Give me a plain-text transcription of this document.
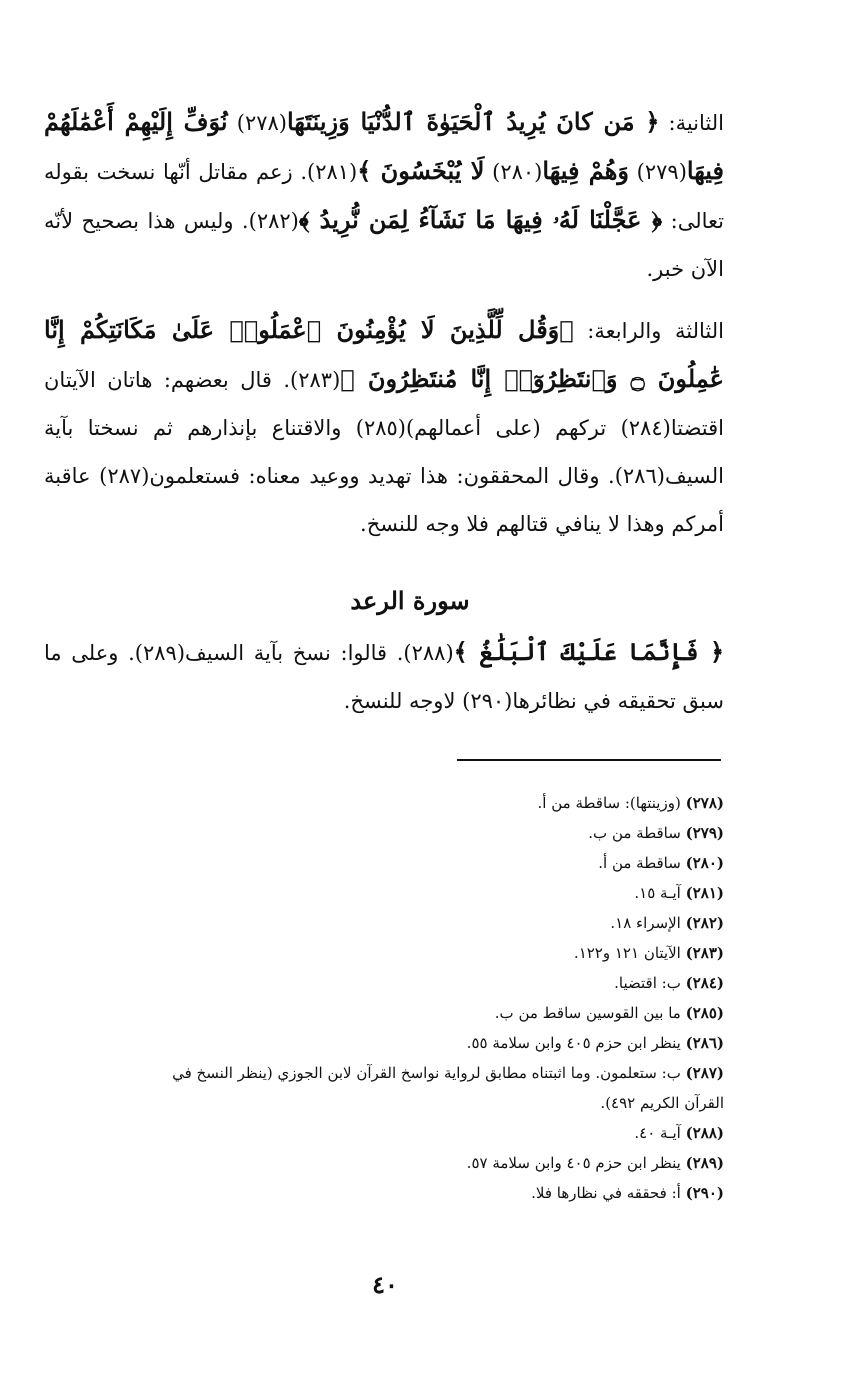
الثانية: ﴿ مَن كانَ يُرِيدُ ٱلْحَيَوٰةَ ٱلدُّنْيَا وَزِينَتَهَا(٢٧٨) نُوَفِّ إِلَيْهِمْ أَعْمَٰلَهُمْ فِيهَا(٢٧٩) وَهُمْ فِيهَا(٢٨٠) لَا يُبْخَسُونَ ﴾(٢٨١). زعم مقاتل أنّها نسخت بقوله تعالى: ﴿ عَجَّلْنَا لَهُۥ فِيهَا مَا نَشَآءُ لِمَن نُّرِيدُ ﴾(٢٨٢). وليس هذا بصحيح لأنّه الآن خبر.

الثالثة والرابعة: ﴿وَقُل لِّلَّذِينَ لَا يُؤْمِنُونَ ٱعْمَلُوا۟ عَلَىٰ مَكَانَتِكُمْ إِنَّا عَٰمِلُونَ ۝ وَٱنتَظِرُوٓا۟ إِنَّا مُنتَظِرُونَ ﴾(٢٨٣). قال بعضهم: هاتان الآيتان اقتضتا(٢٨٤) تركهم (على أعمالهم)(٢٨٥) والاقتناع بإنذارهم ثم نسختا بآية السيف(٢٨٦). وقال المحققون: هذا تهديد ووعيد معناه: فستعلمون(٢٨٧) عاقبة أمركم وهذا لا ينافي قتالهم فلا وجه للنسخ.

سورة الرعد

﴿ فَإِنَّمَا عَلَيْكَ ٱلْبَلَٰغُ ﴾(٢٨٨). قالوا: نسخ بآية السيف(٢٨٩). وعلى ما سبق تحقيقه في نظائرها(٢٩٠) لاوجه للنسخ.

(٢٧٨) (وزينتها): ساقطة من أ.
(٢٧٩) ساقطة من ب.
(٢٨٠) ساقطة من أ.
(٢٨١) آيـة ١٥.
(٢٨٢) الإسراء ١٨.
(٢٨٣) الآيتان ١٢١ و١٢٢.
(٢٨٤) ب: اقتضيا.
(٢٨٥) ما بين القوسين ساقط من ب.
(٢٨٦) ينظر ابن حزم ٤٠٥ وابن سلامة ٥٥.
(٢٨٧) ب: ستعلمون. وما اثبتناه مطابق لرواية نواسخ القرآن لابن الجوزي (ينظر النسخ في
القرآن الكريم ٤٩٢).
(٢٨٨) آيـة ٤٠.
(٢٨٩) ينظر ابن حزم ٤٠٥ وابن سلامة ٥٧.
(٢٩٠) أ: فحققه في نظارها فلا.
٤٠
